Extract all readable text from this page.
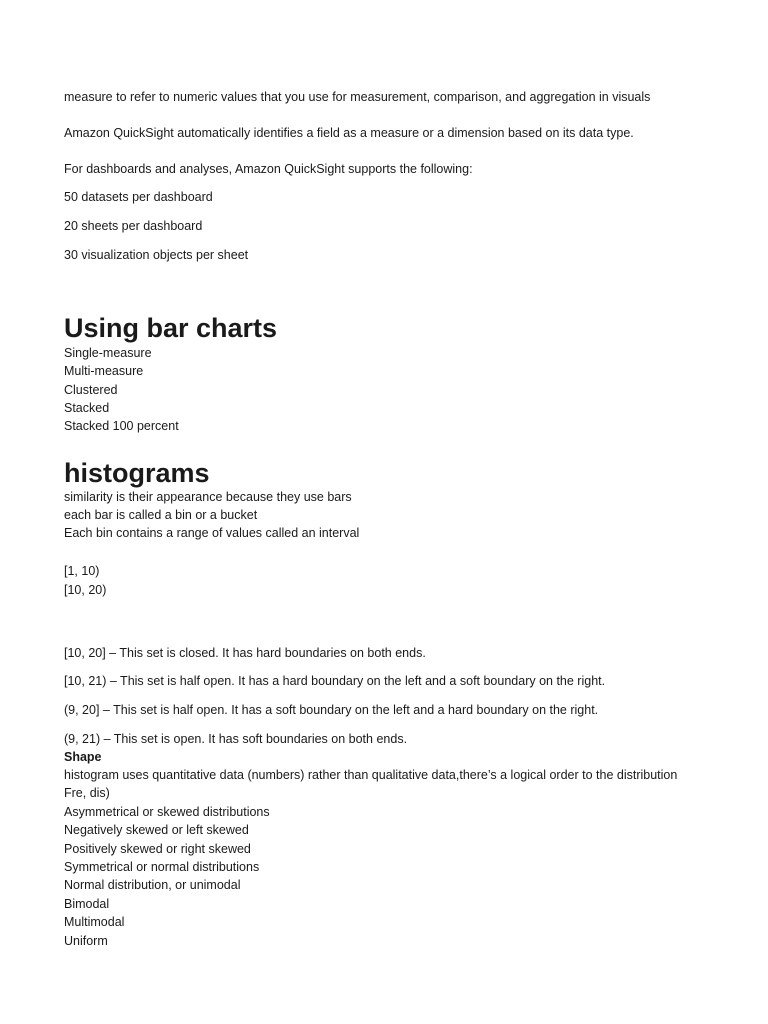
measure to refer to numeric values that you use for measurement, comparison, and aggregation in visuals
Amazon QuickSight automatically identifies a field as a measure or a dimension based on its data type.
For dashboards and analyses, Amazon QuickSight supports the following:
50 datasets per dashboard
20 sheets per dashboard
30 visualization objects per sheet
Using bar charts
Single-measure
Multi-measure
Clustered
Stacked
Stacked 100 percent
histograms
similarity is their appearance because they use bars
each bar is called a bin or a bucket
Each bin contains a range of values called an interval
[1, 10)
[10, 20)
[10, 20] – This set is closed. It has hard boundaries on both ends.
[10, 21) – This set is half open. It has a hard boundary on the left and a soft boundary on the right.
(9, 20] – This set is half open. It has a soft boundary on the left and a hard boundary on the right.
(9, 21) – This set is open. It has soft boundaries on both ends.
Shape
histogram uses quantitative data (numbers) rather than qualitative data,there’s a logical order to the distribution
Fre, dis)
Asymmetrical or skewed distributions
Negatively skewed or left skewed
Positively skewed or right skewed
Symmetrical or normal distributions
Normal distribution, or unimodal
Bimodal
Multimodal
Uniform
